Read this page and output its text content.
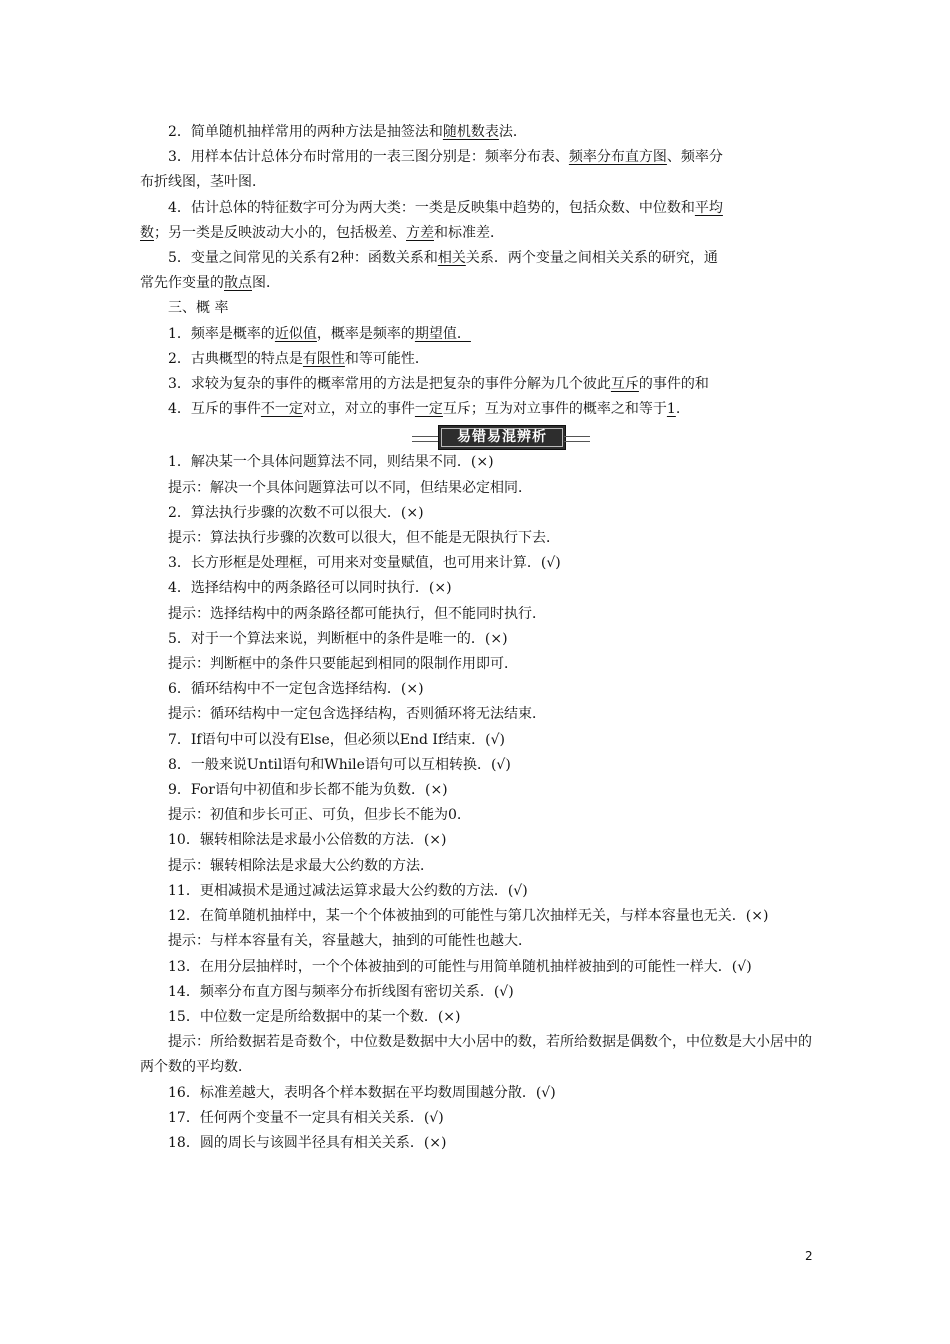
2．简单随机抽样常用的两种方法是抽签法和随机数表法．
3．用样本估计总体分布时常用的一表三图分别是：频率分布表、频率分布直方图、频率分
布折线图，茎叶图．
4．估计总体的特征数字可分为两大类：一类是反映集中趋势的，包括众数、中位数和平均
数；另一类是反映波动大小的，包括极差、方差和标准差．
5．变量之间常见的关系有2种：函数关系和相关关系．两个变量之间相关关系的研究，通
常先作变量的散点图．
三、概 率
1．频率是概率的近似值，概率是频率的期望值．
2．古典概型的特点是有限性和等可能性．
3．求较为复杂的事件的概率常用的方法是把复杂的事件分解为几个彼此互斥的事件的和
4．互斥的事件不一定对立，对立的事件一定互斥；互为对立事件的概率之和等于1.
易错易混辨析
1．解决某一个具体问题算法不同，则结果不同．(×)
提示：解决一个具体问题算法可以不同，但结果必定相同．
2．算法执行步骤的次数不可以很大．(×)
提示：算法执行步骤的次数可以很大，但不能是无限执行下去．
3．长方形框是处理框，可用来对变量赋值，也可用来计算．(√)
4．选择结构中的两条路径可以同时执行．(×)
提示：选择结构中的两条路径都可能执行，但不能同时执行．
5．对于一个算法来说，判断框中的条件是唯一的．(×)
提示：判断框中的条件只要能起到相同的限制作用即可．
6．循环结构中不一定包含选择结构．(×)
提示：循环结构中一定包含选择结构，否则循环将无法结束．
7．If语句中可以没有Else，但必须以End If结束．(√)
8．一般来说Until语句和While语句可以互相转换．(√)
9．For语句中初值和步长都不能为负数．(×)
提示：初值和步长可正、可负，但步长不能为0.
10．辗转相除法是求最小公倍数的方法．(×)
提示：辗转相除法是求最大公约数的方法．
11．更相减损术是通过减法运算求最大公约数的方法．(√)
12．在简单随机抽样中，某一个个体被抽到的可能性与第几次抽样无关，与样本容量也无关．(×)
提示：与样本容量有关，容量越大，抽到的可能性也越大．
13．在用分层抽样时，一个个体被抽到的可能性与用简单随机抽样被抽到的可能性一样大．(√)
14．频率分布直方图与频率分布折线图有密切关系．(√)
15．中位数一定是所给数据中的某一个数．(×)
提示：所给数据若是奇数个，中位数是数据中大小居中的数，若所给数据是偶数个，中位数是大小居中的两个数的平均数．
16．标准差越大，表明各个样本数据在平均数周围越分散．(√)
17．任何两个变量不一定具有相关关系．(√)
18．圆的周长与该圆半径具有相关关系．(×)
2
